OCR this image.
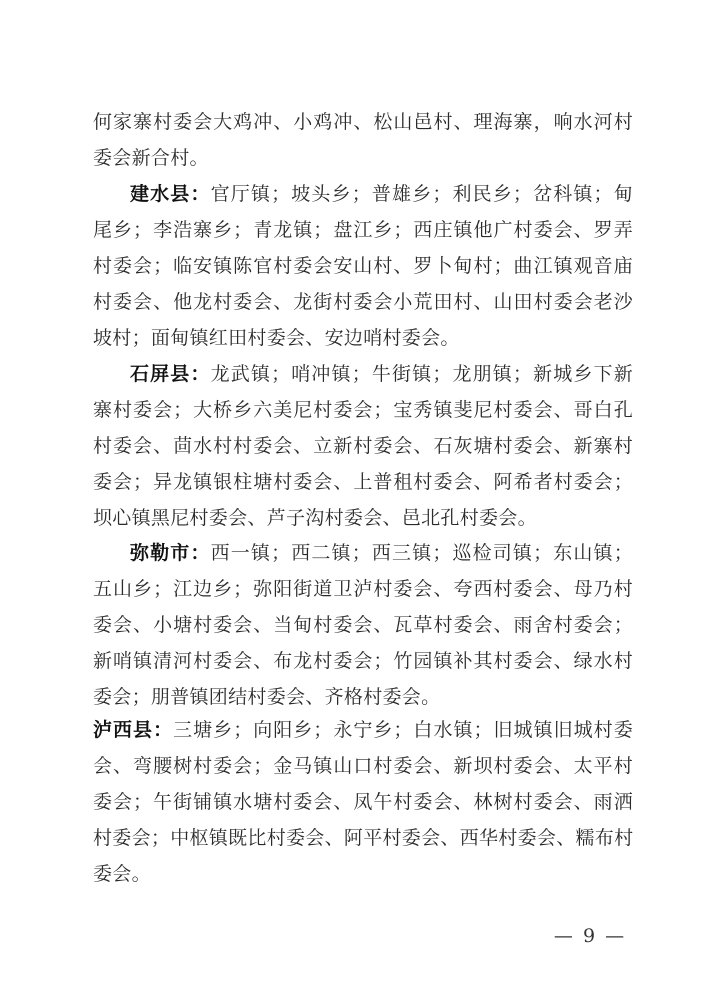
何家寨村委会大鸡冲、小鸡冲、松山邑村、理海寨，响水河村
委会新合村。
建水县：官厅镇；坡头乡；普雄乡；利民乡；岔科镇；甸
尾乡；李浩寨乡；青龙镇；盘江乡；西庄镇他广村委会、罗弄
村委会；临安镇陈官村委会安山村、罗卜甸村；曲江镇观音庙
村委会、他龙村委会、龙街村委会小荒田村、山田村委会老沙
坡村；面甸镇红田村委会、安边哨村委会。
石屏县：龙武镇；哨冲镇；牛街镇；龙朋镇；新城乡下新
寨村委会；大桥乡六美尼村委会；宝秀镇斐尼村委会、哥白孔
村委会、茴水村村委会、立新村委会、石灰塘村委会、新寨村
委会；异龙镇银柱塘村委会、上普租村委会、阿希者村委会；
坝心镇黑尼村委会、芦子沟村委会、邑北孔村委会。
弥勒市：西一镇；西二镇；西三镇；巡检司镇；东山镇；
五山乡；江边乡；弥阳街道卫泸村委会、夸西村委会、母乃村
委会、小塘村委会、当甸村委会、瓦草村委会、雨舍村委会；
新哨镇清河村委会、布龙村委会；竹园镇补其村委会、绿水村
委会；朋普镇团结村委会、齐格村委会。
泸西县：三塘乡；向阳乡；永宁乡；白水镇；旧城镇旧城村委
会、弯腰树村委会；金马镇山口村委会、新坝村委会、太平村
委会；午街铺镇水塘村委会、凤午村委会、林树村委会、雨洒
村委会；中枢镇既比村委会、阿平村委会、西华村委会、糯布村
委会。
— 9 —
